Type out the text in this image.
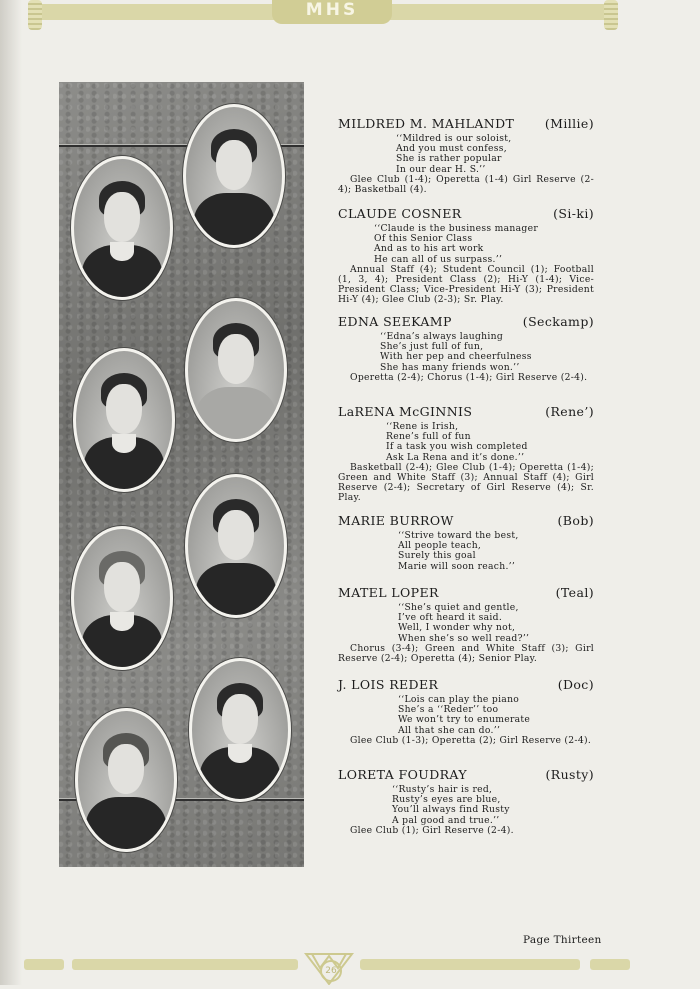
MHS
MILDRED M. MAHLANDT (Millie)
‘‘Mildred is our soloist,
And you must confess,
She is rather popular
In our dear H. S.’’
Glee Club (1-4); Operetta (1-4) Girl Reserve (2-4); Basketball (4).
CLAUDE COSNER	(Si-ki)
‘‘Claude is the business manager
Of this Senior Class
And as to his art work
He can all of us surpass.’’
Annual Staff (4); Student Council (1); Football (1, 3, 4); President Class (2); Hi-Y (1-4); Vice-President Class; Vice-President Hi-Y (3); President Hi-Y (4); Glee Club (2-3); Sr. Play.
EDNA SEEKAMP	(Seckamp)
‘‘Edna’s always laughing
She’s just full of fun,
With her pep and cheerfulness
She has many friends won.’’
Operetta (2-4); Chorus (1-4); Girl Reserve (2-4).
LaRENA McGINNIS	(Rene’)
‘‘Rene is Irish,
Rene’s full of fun
If a task you wish completed
Ask La Rena and it’s done.’’
Basketball (2-4); Glee Club (1-4); Operetta (1-4); Green and White Staff (3); Annual Staff (4); Girl Reserve (2-4); Secretary of Girl Reserve (4); Sr. Play.
MARIE BURROW	(Bob)
‘‘Strive toward the best,
All people teach,
Surely this goal
Marie will soon reach.’’
MATEL LOPER	(Teal)
‘‘She’s quiet and gentle,
I’ve oft heard it said.
Well, I wonder why not,
When she’s so well read?’’
Chorus (3-4); Green and White Staff (3); Girl Reserve (2-4); Operetta (4); Senior Play.
J. LOIS REDER	(Doc)
‘‘Lois can play the piano
She’s a ‘‘Reder’’ too
We won’t try to enumerate
All that she can do.’’
Glee Club (1-3); Operetta (2); Girl Reserve (2-4).
LORETA FOUDRAY	(Rusty)
‘‘Rusty’s hair is red,
Rusty’s eyes are blue,
You’ll always find Rusty
A pal good and true.’’
Glee Club (1); Girl Reserve (2-4).
Page Thirteen
26
